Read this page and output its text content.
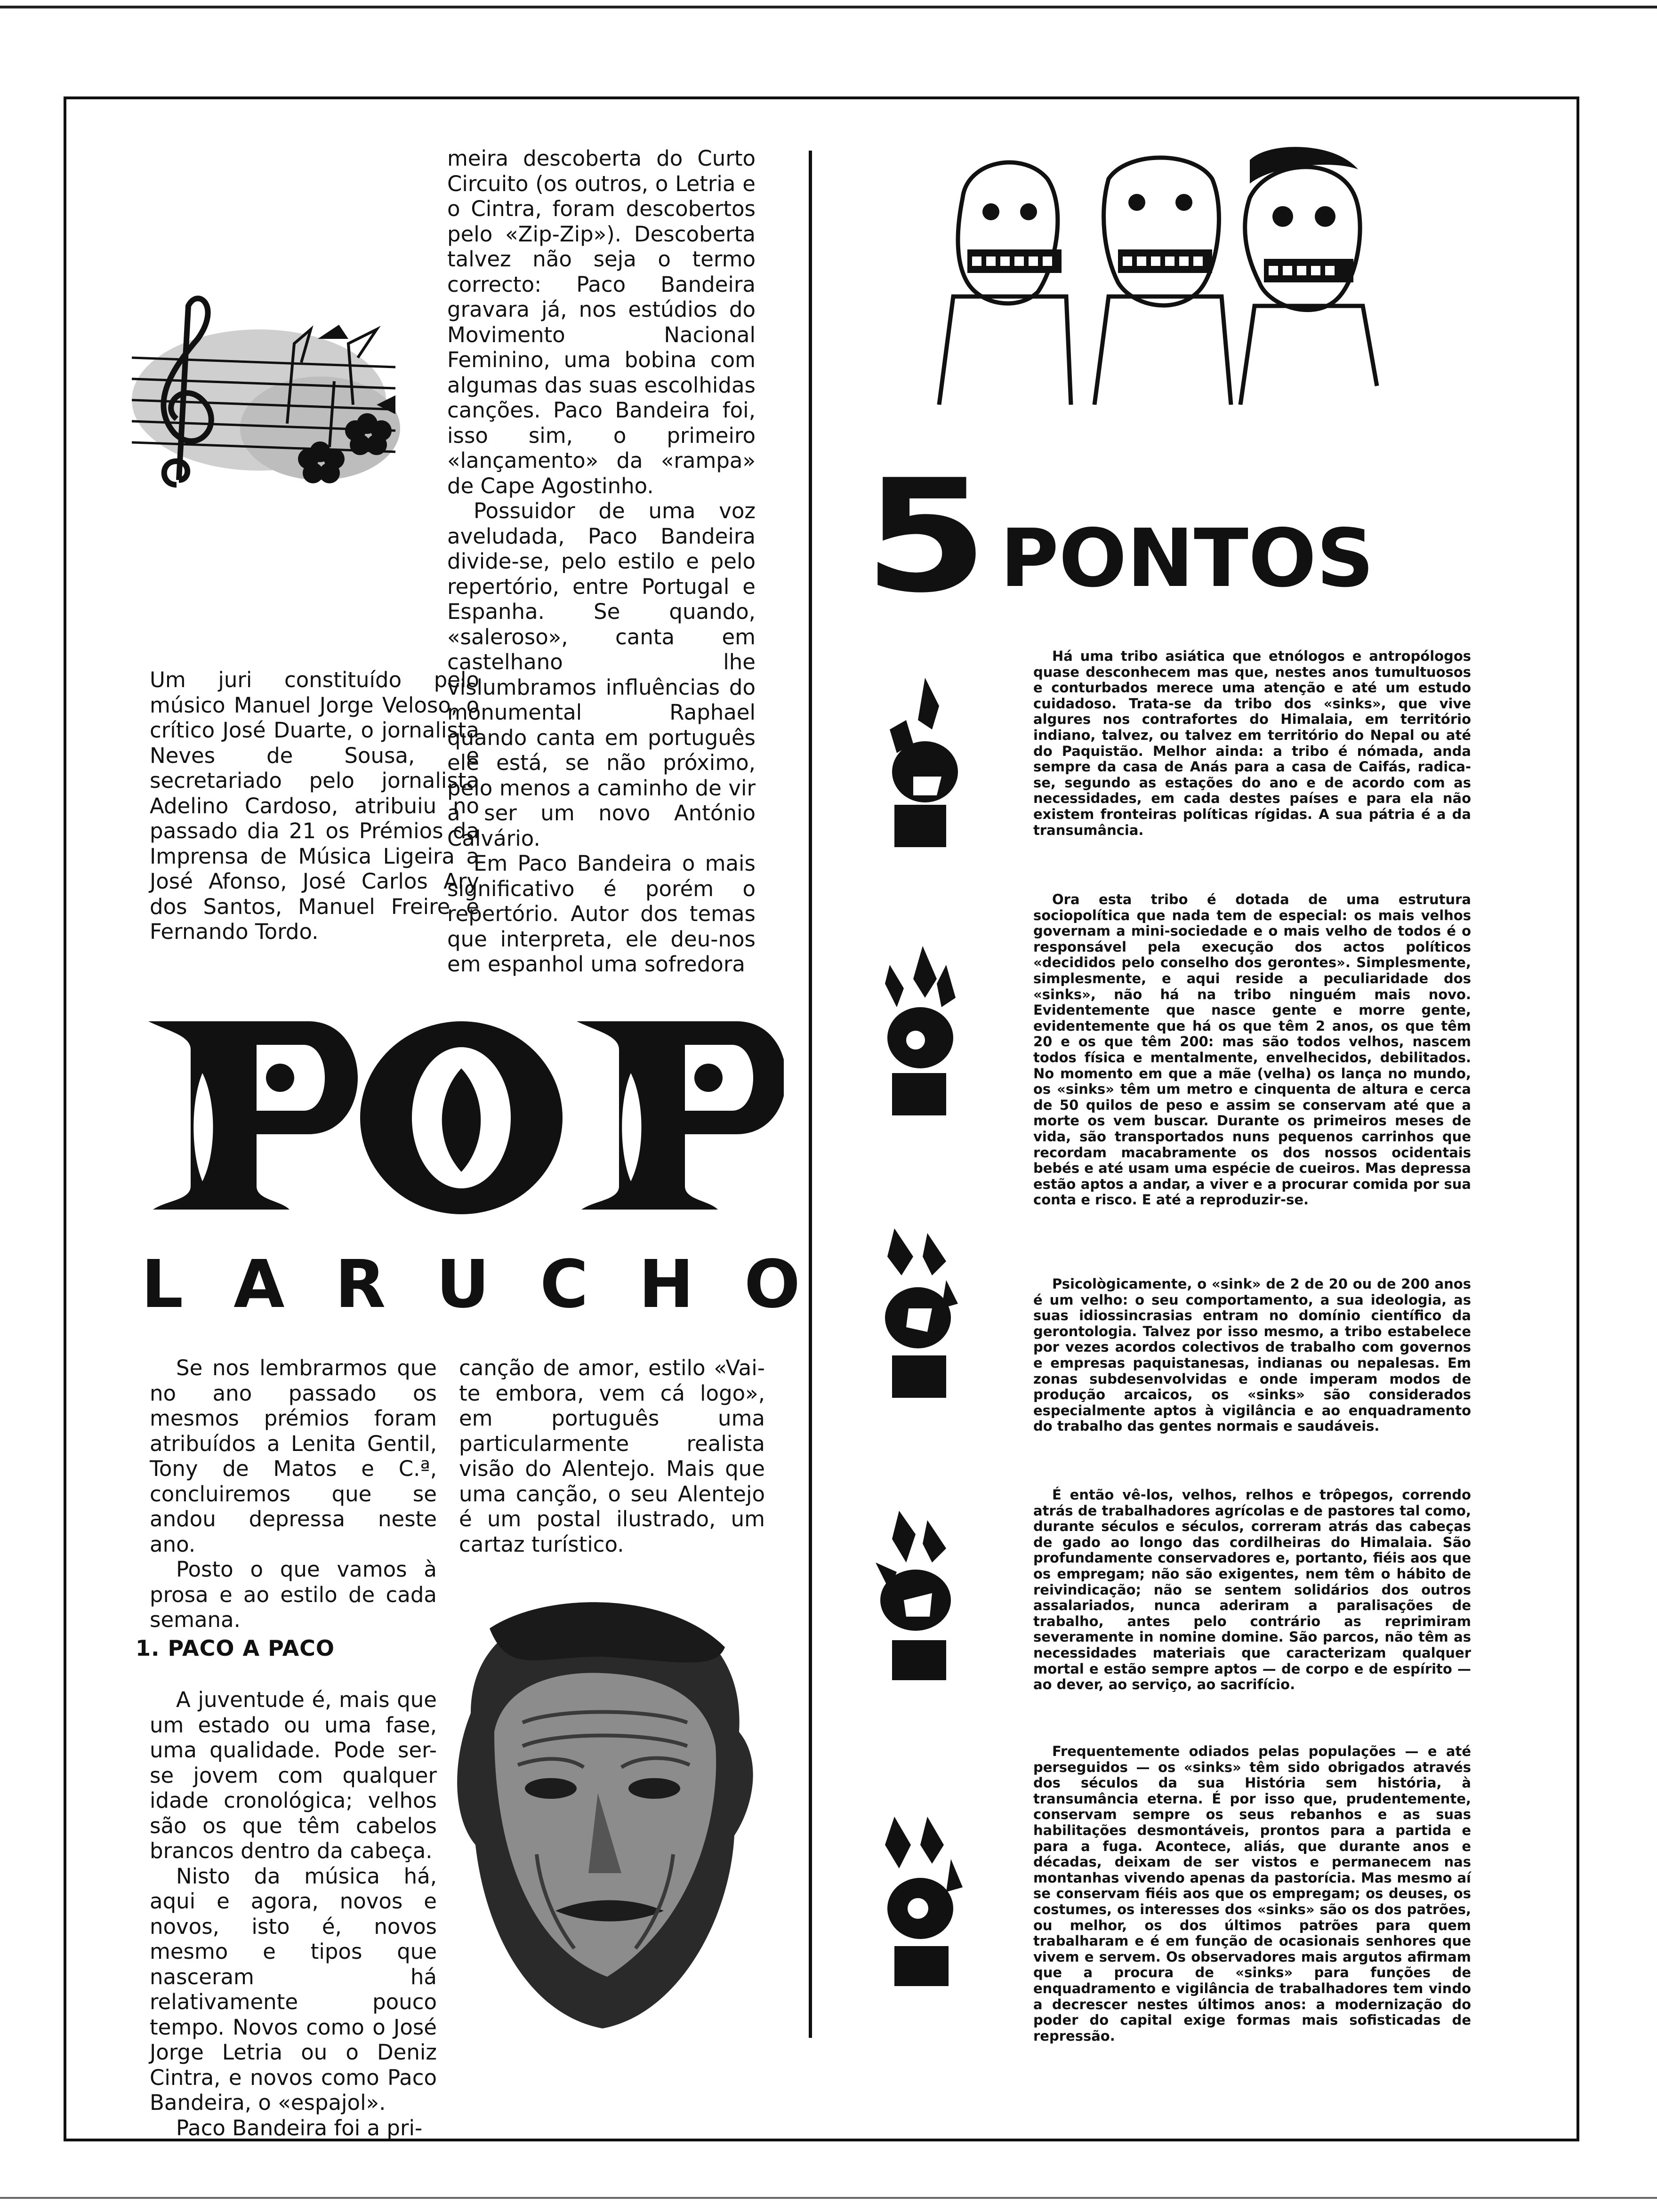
Um juri constituído pelo músico Manuel Jorge Veloso, o crítico José Duarte, o jornalista Neves de Sousa, e secretariado pelo jornalista Adelino Cardoso, atribuiu no passado dia 21 os Prémios da Imprensa de Música Ligeira a José Afonso, José Carlos Ary dos Santos, Manuel Freire e Fernando Tordo.

meira descoberta do Curto Circuito (os outros, o Letria e o Cintra, foram descobertos pelo «Zip-Zip»). Descoberta talvez não seja o termo correcto: Paco Bandeira gravara já, nos estúdios do Movimento Nacional Feminino, uma bobina com algumas das suas escolhidas canções. Paco Bandeira foi, isso sim, o primeiro «lançamento» da «rampa» de Cape Agostinho.

Possuidor de uma voz aveludada, Paco Bandeira divide-se, pelo estilo e pelo repertório, entre Portugal e Espanha. Se quando, «saleroso», canta em castelhano lhe vislumbramos influências do monumental Raphael quando canta em português ele está, se não próximo, pelo menos a caminho de vir a ser um novo António Calvário.

Em Paco Bandeira o mais significativo é porém o repertório. Autor dos temas que interpreta, ele deu-nos em espanhol uma sofredora

POP
L A R U C H O

Se nos lembrarmos que no ano passado os mesmos prémios foram atribuídos a Lenita Gentil, Tony de Matos e C.ª, concluiremos que se andou depressa neste ano.

Posto o que vamos à prosa e ao estilo de cada semana.

1. PACO A PACO

A juventude é, mais que um estado ou uma fase, uma qualidade. Pode ser-se jovem com qualquer idade cronológica; velhos são os que têm cabelos brancos dentro da cabeça.

Nisto da música há, aqui e agora, novos e novos, isto é, novos mesmo e tipos que nasceram há relativamente pouco tempo. Novos como o José Jorge Letria ou o Deniz Cintra, e novos como Paco Bandeira, o «espajol».

Paco Bandeira foi a pri-

canção de amor, estilo «Vai-te embora, vem cá logo», em português uma particularmente realista visão do Alentejo. Mais que uma canção, o seu Alentejo é um postal ilustrado, um cartaz turístico.

5 PONTOS

Há uma tribo asiática que etnólogos e antropólogos quase desconhecem mas que, nestes anos tumultuosos e conturbados merece uma atenção e até um estudo cuidadoso. Trata-se da tribo dos «sinks», que vive algures nos contrafortes do Himalaia, em território indiano, talvez, ou talvez em território do Nepal ou até do Paquistão. Melhor ainda: a tribo é nómada, anda sempre da casa de Anás para a casa de Caifás, radica-se, segundo as estações do ano e de acordo com as necessidades, em cada destes países e para ela não existem fronteiras políticas rígidas. A sua pátria é a da transumância.

Ora esta tribo é dotada de uma estrutura sociopolítica que nada tem de especial: os mais velhos governam a mini-sociedade e o mais velho de todos é o responsável pela execução dos actos políticos «decididos pelo conselho dos gerontes». Simplesmente, simplesmente, e aqui reside a peculiaridade dos «sinks», não há na tribo ninguém mais novo. Evidentemente que nasce gente e morre gente, evidentemente que há os que têm 2 anos, os que têm 20 e os que têm 200: mas são todos velhos, nascem todos física e mentalmente, envelhecidos, debilitados. No momento em que a mãe (velha) os lança no mundo, os «sinks» têm um metro e cinquenta de altura e cerca de 50 quilos de peso e assim se conservam até que a morte os vem buscar. Durante os primeiros meses de vida, são transportados nuns pequenos carrinhos que recordam macabramente os dos nossos ocidentais bebés e até usam uma espécie de cueiros. Mas depressa estão aptos a andar, a viver e a procurar comida por sua conta e risco. E até a reproduzir-se.

Psicològicamente, o «sink» de 2 de 20 ou de 200 anos é um velho: o seu comportamento, a sua ideologia, as suas idiossincrasias entram no domínio científico da gerontologia. Talvez por isso mesmo, a tribo estabelece por vezes acordos colectivos de trabalho com governos e empresas paquistanesas, indianas ou nepalesas. Em zonas subdesenvolvidas e onde imperam modos de produção arcaicos, os «sinks» são considerados especialmente aptos à vigilância e ao enquadramento do trabalho das gentes normais e saudáveis.

É então vê-los, velhos, relhos e trôpegos, correndo atrás de trabalhadores agrícolas e de pastores tal como, durante séculos e séculos, correram atrás das cabeças de gado ao longo das cordilheiras do Himalaia. São profundamente conservadores e, portanto, fiéis aos que os empregam; não são exigentes, nem têm o hábito de reivindicação; não se sentem solidários dos outros assalariados, nunca aderiram a paralisações de trabalho, antes pelo contrário as reprimiram severamente in nomine domine. São parcos, não têm as necessidades materiais que caracterizam qualquer mortal e estão sempre aptos — de corpo e de espírito — ao dever, ao serviço, ao sacrifício.

Frequentemente odiados pelas populações — e até perseguidos — os «sinks» têm sido obrigados através dos séculos da sua História sem história, à transumância eterna. É por isso que, prudentemente, conservam sempre os seus rebanhos e as suas habilitações desmontáveis, prontos para a partida e para a fuga. Acontece, aliás, que durante anos e décadas, deixam de ser vistos e permanecem nas montanhas vivendo apenas da pastorícia. Mas mesmo aí se conservam fiéis aos que os empregam; os deuses, os costumes, os interesses dos «sinks» são os dos patrões, ou melhor, os dos últimos patrões para quem trabalharam e é em função de ocasionais senhores que vivem e servem. Os observadores mais argutos afirmam que a procura de «sinks» para funções de enquadramento e vigilância de trabalhadores tem vindo a decrescer nestes últimos anos: a modernização do poder do capital exige formas mais sofisticadas de repressão.
